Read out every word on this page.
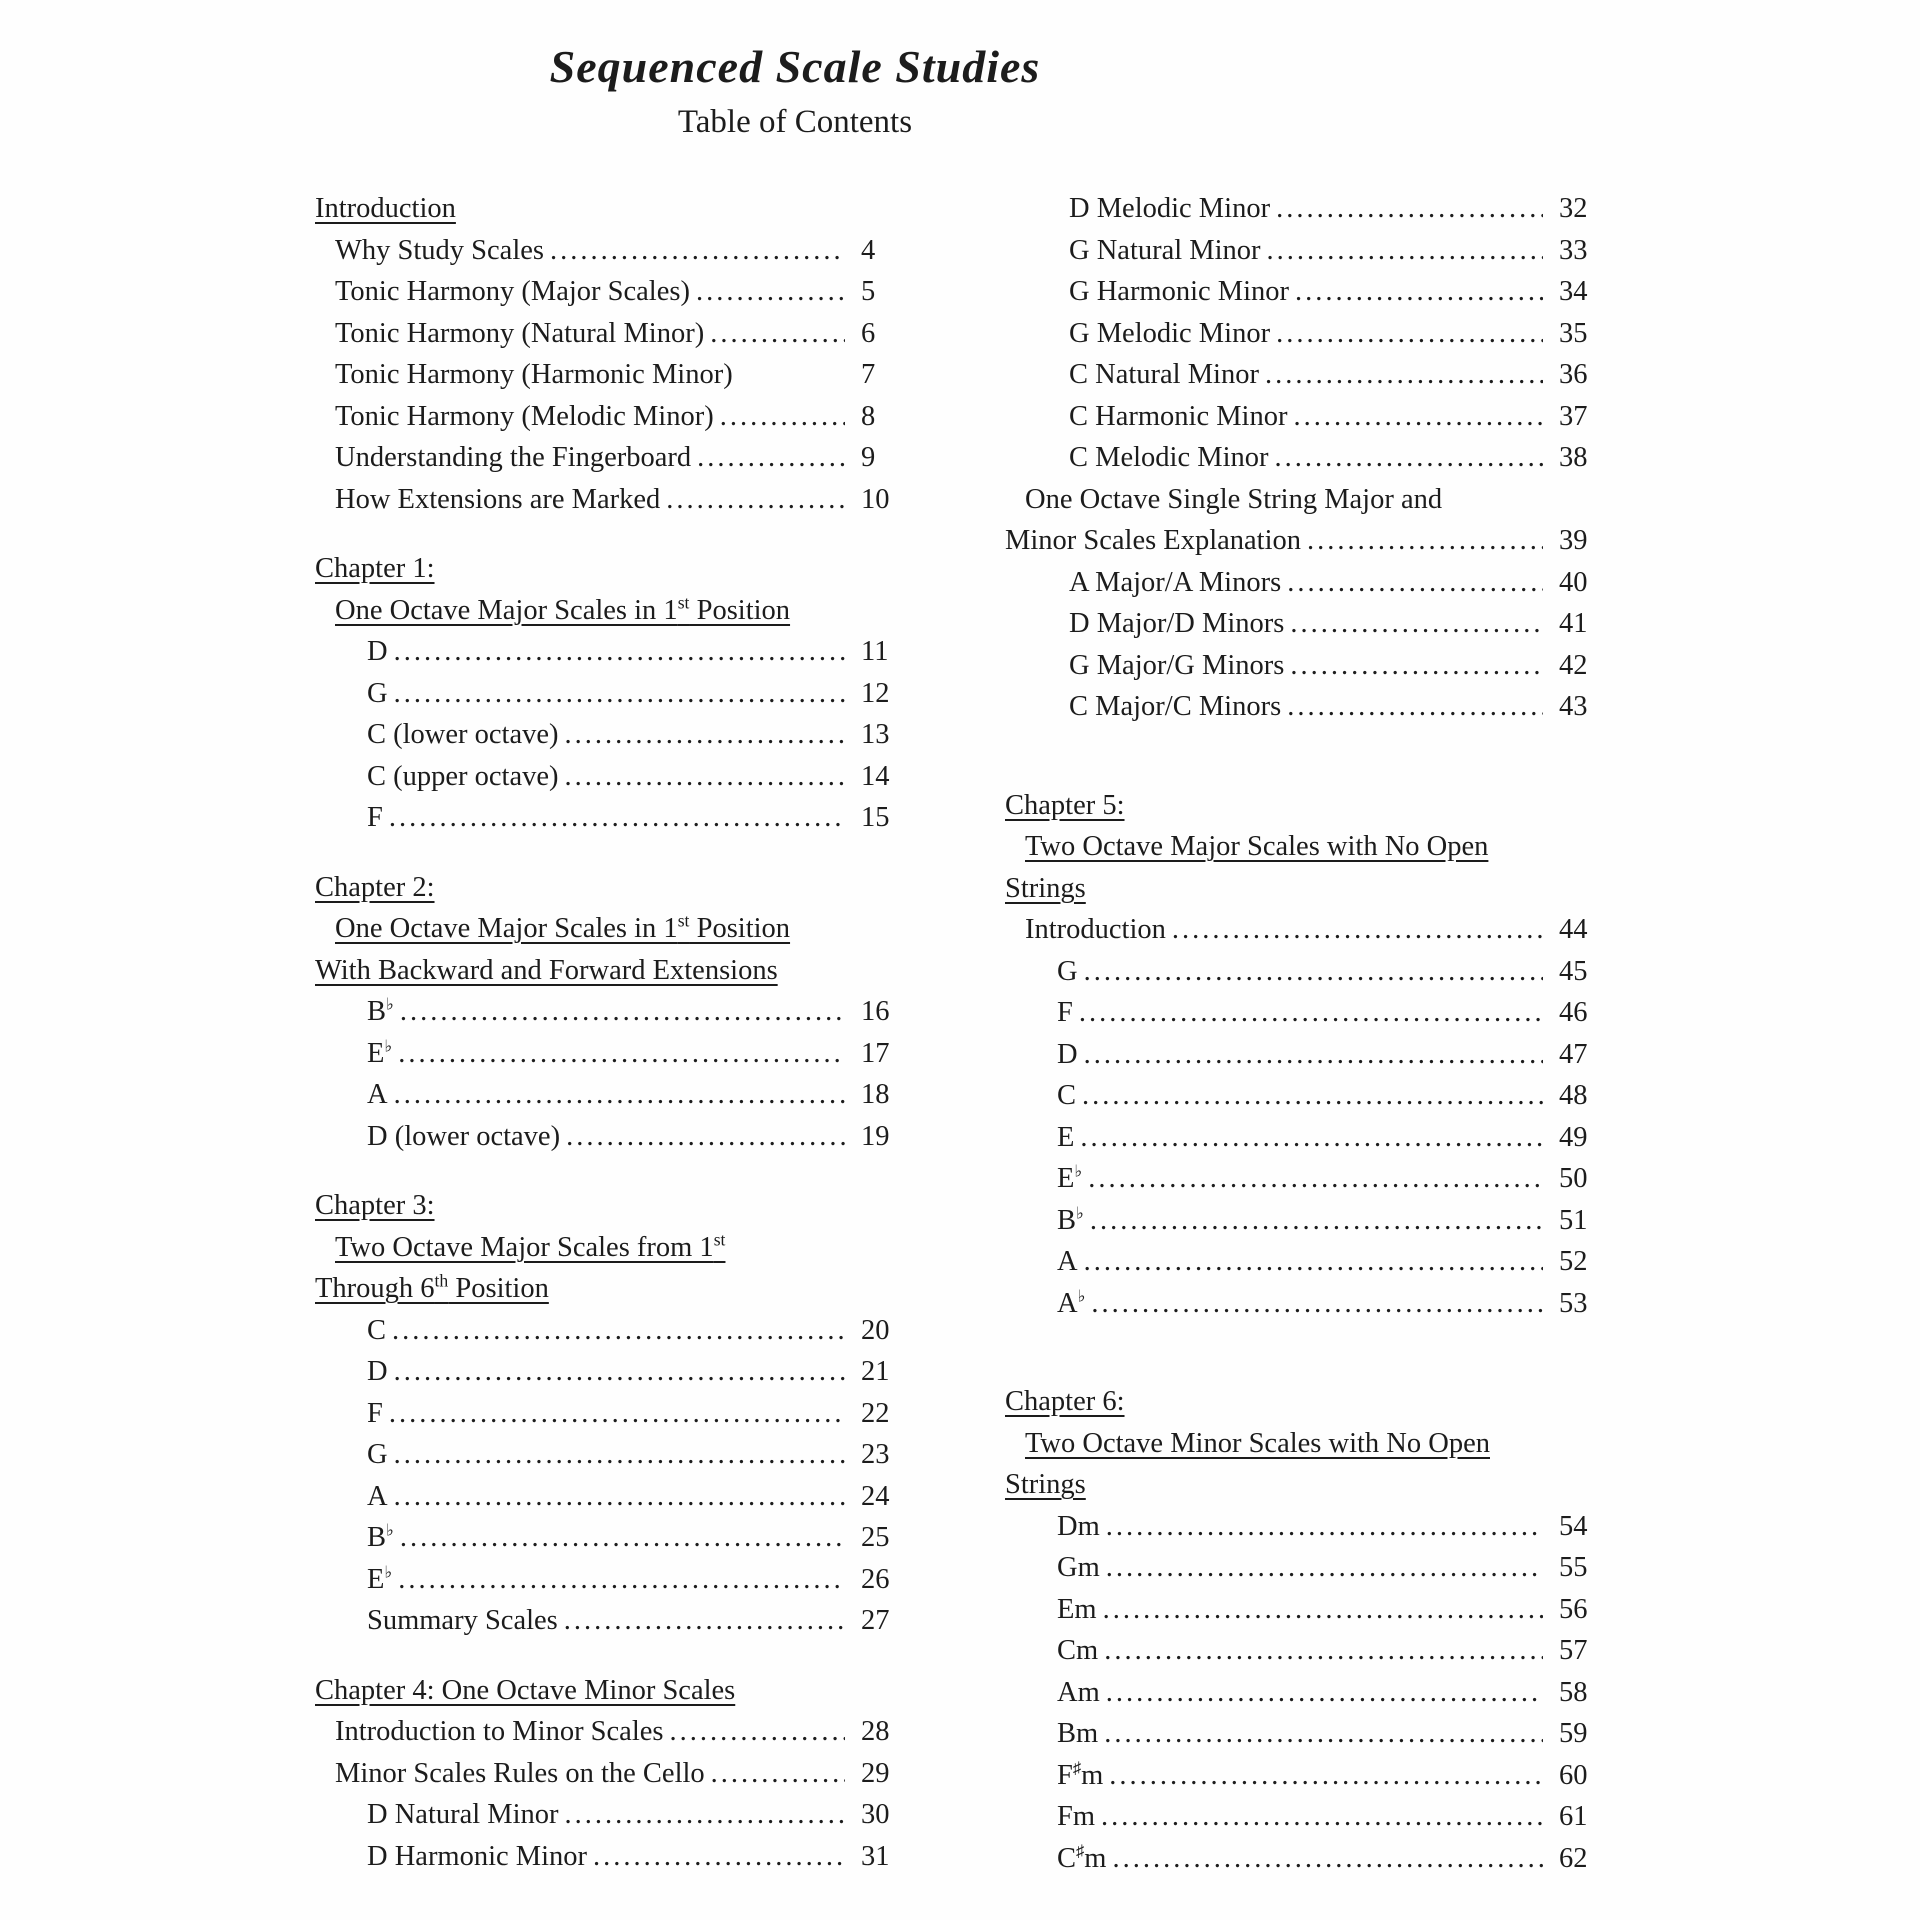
Sequenced Scale Studies
Table of Contents
Introduction
Why Study Scales .....	4
Tonic Harmony (Major Scales) .....	5
Tonic Harmony (Natural Minor) .....	6
Tonic Harmony (Harmonic Minor)	7
Tonic Harmony (Melodic Minor) .....	8
Understanding the Fingerboard .....	9
How Extensions are Marked .....	10
Chapter 1:
One Octave Major Scales in 1st Position
D .....	11
G .....	12
C (lower octave) .....	13
C (upper octave) .....	14
F .....	15
Chapter 2:
One Octave Major Scales in 1st Position
With Backward and Forward Extensions
B♭ .....	16
E♭ .....	17
A .....	18
D (lower octave) .....	19
Chapter 3:
Two Octave Major Scales from 1st
Through 6th Position
C .....	20
D .....	21
F .....	22
G .....	23
A .....	24
B♭ .....	25
E♭ .....	26
Summary Scales .....	27
Chapter 4: One Octave Minor Scales
Introduction to Minor Scales .....	28
Minor Scales Rules on the Cello .....	29
D Natural Minor .....	30
D Harmonic Minor .....	31
D Melodic Minor .....	32
G Natural Minor .....	33
G Harmonic Minor .....	34
G Melodic Minor .....	35
C Natural Minor .....	36
C Harmonic Minor .....	37
C Melodic Minor .....	38
One Octave Single String Major and
Minor Scales Explanation .....	39
A Major/A Minors .....	40
D Major/D Minors .....	41
G Major/G Minors .....	42
C Major/C Minors .....	43
Chapter 5:
Two Octave Major Scales with No Open
Strings
Introduction .....	44
G .....	45
F .....	46
D .....	47
C .....	48
E .....	49
E♭ .....	50
B♭ .....	51
A .....	52
A♭ .....	53
Chapter 6:
Two Octave Minor Scales with No Open
Strings
Dm .....	54
Gm .....	55
Em .....	56
Cm .....	57
Am .....	58
Bm .....	59
F♯m .....	60
Fm .....	61
C♯m .....	62
